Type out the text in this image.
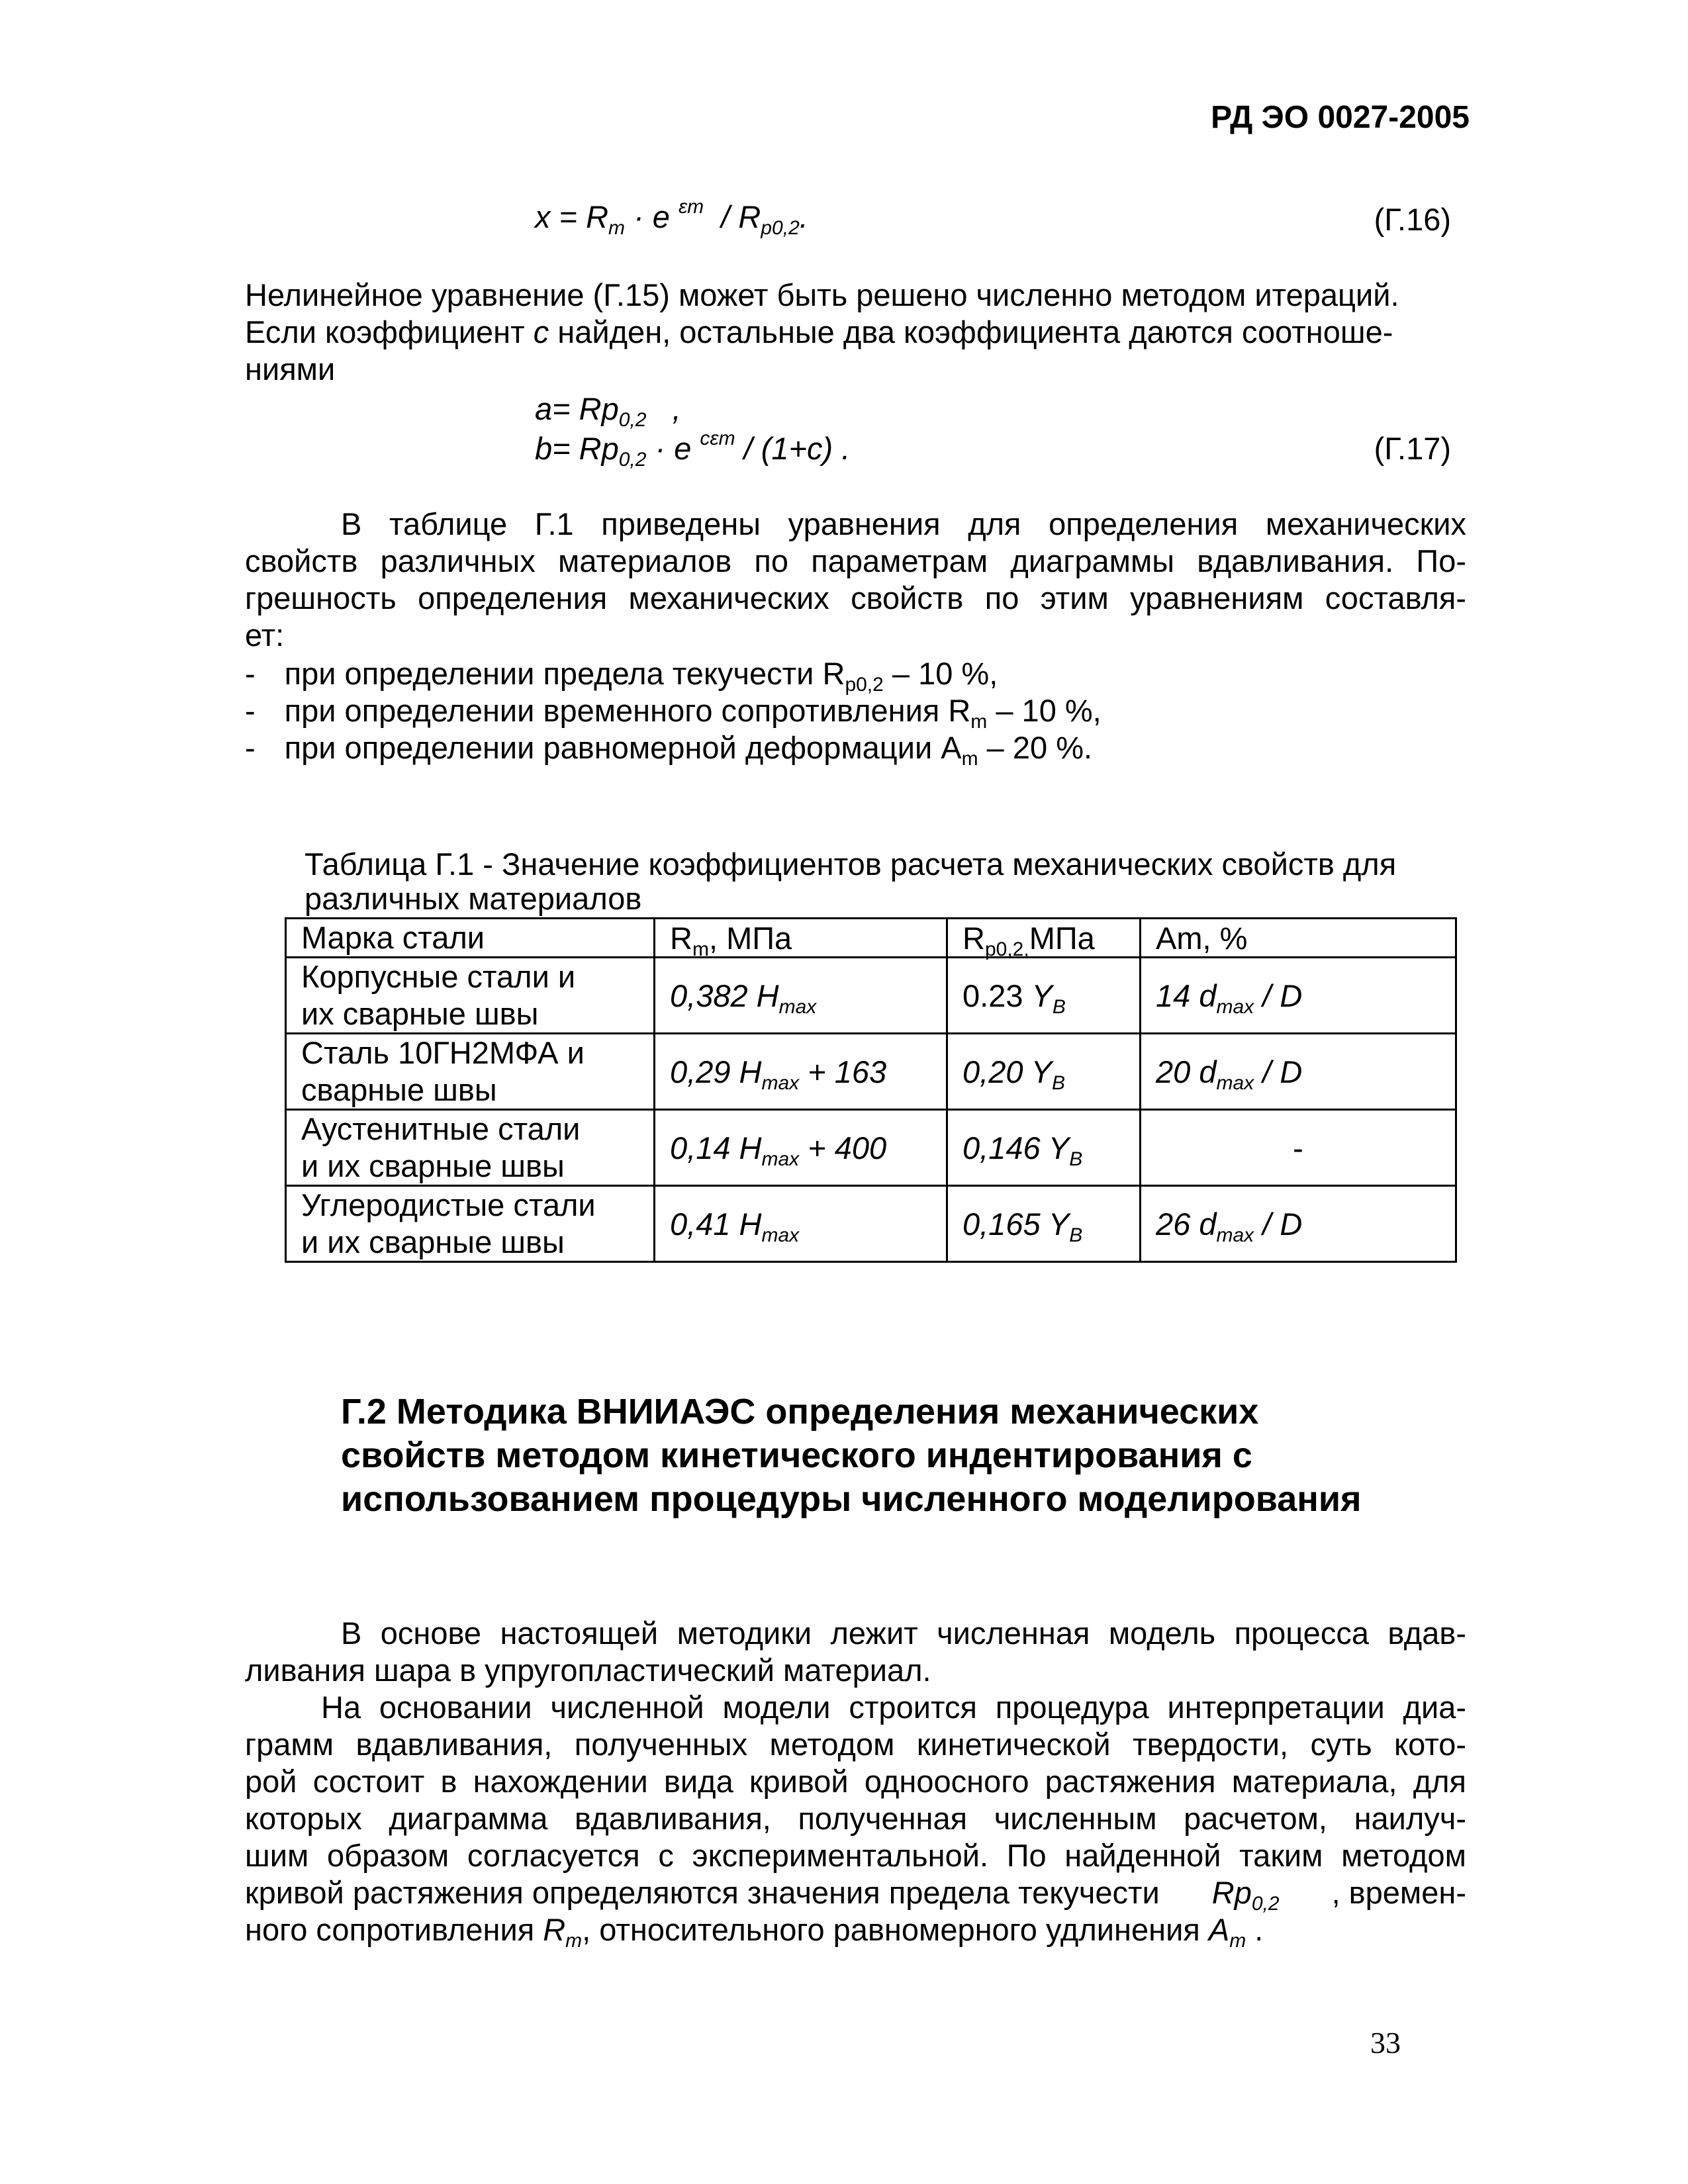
РД ЭО 0027-2005
$x = R_m \cdot e$ $^{\varepsilon m} / R_{p0,2}$.	(Г.16)
Нелинейное уравнение (Г.15) может быть решено численно методом итераций.
Если коэффициент c найден, остальные два коэффициента даются соотноше-
ниями
$a= Rp_{0,2}$   ,
$b= Rp_{0,2} \cdot e$ $^{c\varepsilon m}$ / (1+c) .	(Г.17)
В таблице Г.1 приведены уравнения для определения механических
свойств различных материалов по параметрам диаграммы вдавливания. По-
грешность определения механических свойств по этим уравнениям составля-
ет:
- при определении предела текучести $R_{p0,2} - 10$ %,
- при определении временного сопротивления $R_m - 10$ %,
- при определении равномерной деформации $A_m - 20$ %.
Таблица Г.1 - Значение коэффициентов расчета механических свойств для
различных материалов
Марка стали	$R_m$, МПа	$R_{p0,2,}МПа$	Am, %
Корпусные стали и
их сварные швы	0,382 $H_{max}$	0.23 $Y_B$	14 $d_{max}$ / D
Сталь 10ГН2МФА и
сварные швы	0,29 $H_{max} + 163$	0,20 $Y_B$	20 $d_{max}$ / D
Аустенитные стали
и их сварные швы	0,14 $H_{max} + 400$	0,146 $Y_B$	-
Углеродистые стали
и их сварные швы	0,41 $H_{max}$	0,165 $Y_B$	26 $d_{max}$ / D
Г.2 Методика ВНИИАЭС определения механических
свойств методом кинетического индентирования с
использованием процедуры численного моделирования
В основе настоящей методики лежит численная модель процесса вдав-
ливания шара в упругопластический материал.
На основании численной модели строится процедура интерпретации диа-
грамм вдавливания, полученных методом кинетической твердости, суть кото-
рой состоит в нахождении вида кривой одноосного растяжения материала, для
которых диаграмма вдавливания, полученная численным расчетом, наилуч-
шим образом согласуется с экспериментальной. По найденной таким методом
кривой растяжения определяются значения предела текучести $Rp_{0,2}$ , времен-
ного сопротивления $R_m$, относительного равномерного удлинения $A_m$ .
33
